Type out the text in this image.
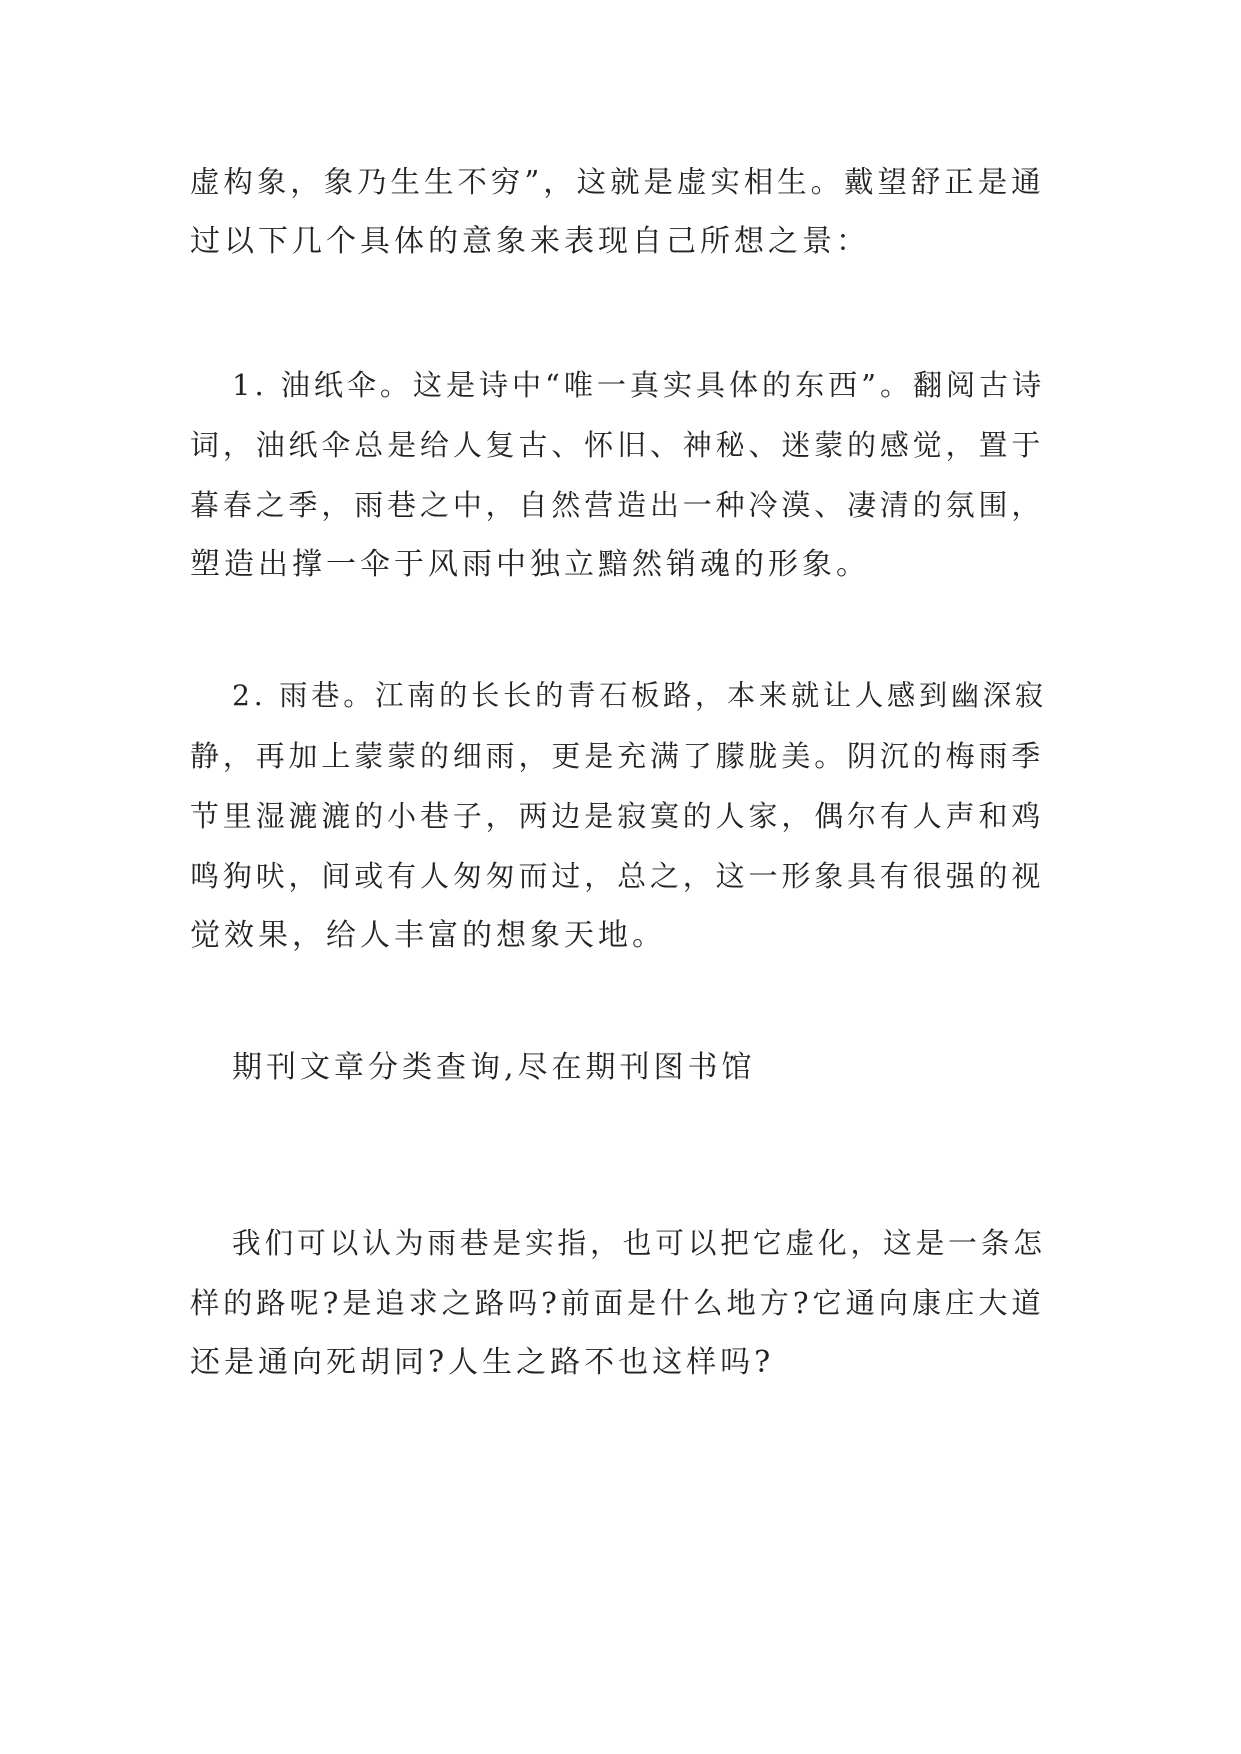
虚构象，象乃生生不穷”，这就是虚实相生。戴望舒正是通
过以下几个具体的意象来表现自己所想之景：

1. 油纸伞。这是诗中“唯一真实具体的东西”。翻阅古诗
词，油纸伞总是给人复古、怀旧、神秘、迷蒙的感觉，置于
暮春之季，雨巷之中，自然营造出一种冷漠、凄清的氛围，
塑造出撑一伞于风雨中独立黯然销魂的形象。

2. 雨巷。江南的长长的青石板路，本来就让人感到幽深寂
静，再加上蒙蒙的细雨，更是充满了朦胧美。阴沉的梅雨季
节里湿漉漉的小巷子，两边是寂寞的人家，偶尔有人声和鸡
鸣狗吠，间或有人匆匆而过，总之，这一形象具有很强的视
觉效果，给人丰富的想象天地。

期刊文章分类查询,尽在期刊图书馆

我们可以认为雨巷是实指，也可以把它虚化，这是一条怎
样的路呢?是追求之路吗?前面是什么地方?它通向康庄大道
还是通向死胡同?人生之路不也这样吗?
